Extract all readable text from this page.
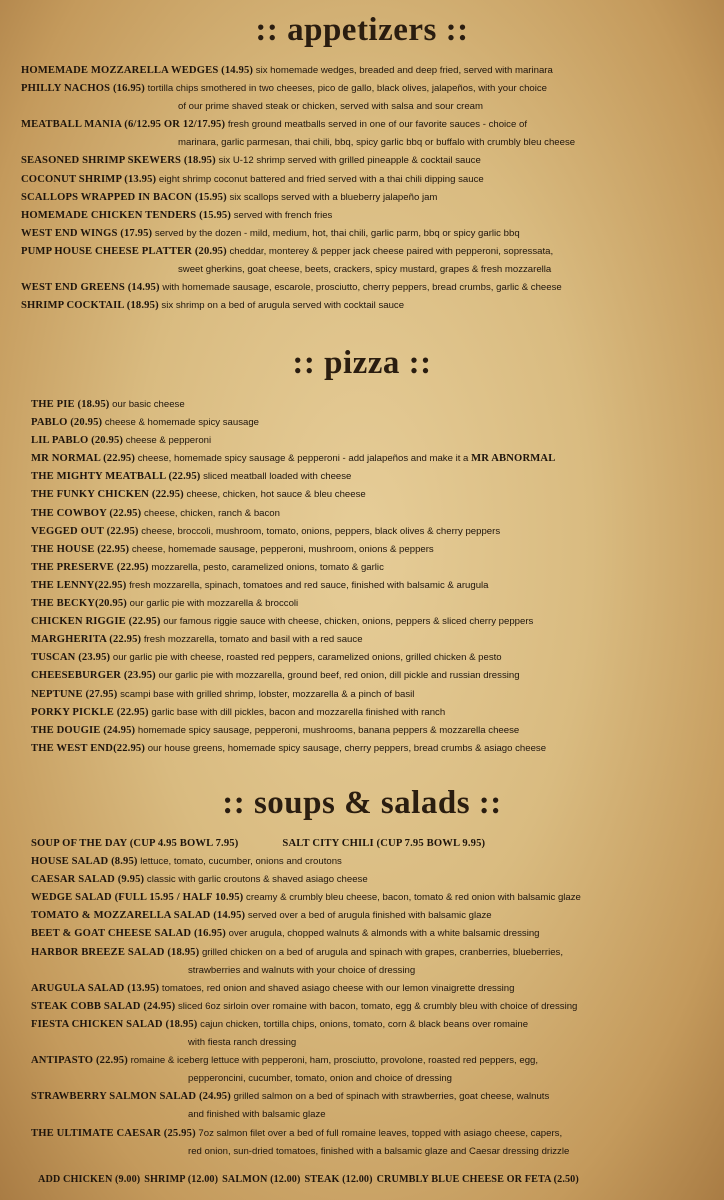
:: appetizers ::
HOMEMADE MOZZARELLA WEDGES (14.95) six homemade wedges, breaded and deep fried, served with marinara
PHILLY NACHOS (16.95) tortilla chips smothered in two cheeses, pico de gallo, black olives, jalapeños, with your choice
of our prime shaved steak or chicken, served with salsa and sour cream
MEATBALL MANIA (6/12.95 OR 12/17.95) fresh ground meatballs served in one of our favorite sauces - choice of
marinara, garlic parmesan, thai chili, bbq, spicy garlic bbq or buffalo with crumbly bleu cheese
SEASONED SHRIMP SKEWERS (18.95) six U-12 shrimp served with grilled pineapple & cocktail sauce
COCONUT SHRIMP (13.95) eight shrimp coconut battered and fried served with a thai chili dipping sauce
SCALLOPS WRAPPED IN BACON (15.95) six scallops served with a blueberry jalapeño jam
HOMEMADE CHICKEN TENDERS (15.95) served with french fries
WEST END WINGS (17.95) served by the dozen - mild, medium, hot, thai chili, garlic parm, bbq or spicy garlic bbq
PUMP HOUSE CHEESE PLATTER (20.95) cheddar, monterey & pepper jack cheese paired with pepperoni, sopressata,
sweet gherkins, goat cheese, beets, crackers, spicy mustard, grapes & fresh mozzarella
WEST END GREENS (14.95) with homemade sausage, escarole, prosciutto, cherry peppers, bread crumbs, garlic & cheese
SHRIMP COCKTAIL (18.95) six shrimp on a bed of arugula served with cocktail sauce
:: pizza ::
THE PIE (18.95) our basic cheese
PABLO (20.95) cheese & homemade spicy sausage
LIL PABLO (20.95) cheese & pepperoni
MR NORMAL (22.95) cheese, homemade spicy sausage & pepperoni - add jalapeños and make it a MR ABNORMAL
THE MIGHTY MEATBALL (22.95) sliced meatball loaded with cheese
THE FUNKY CHICKEN (22.95) cheese, chicken, hot sauce & bleu cheese
THE COWBOY (22.95) cheese, chicken, ranch & bacon
VEGGED OUT (22.95) cheese, broccoli, mushroom, tomato, onions, peppers, black olives & cherry peppers
THE HOUSE (22.95) cheese, homemade sausage, pepperoni, mushroom, onions & peppers
THE PRESERVE (22.95) mozzarella, pesto, caramelized onions, tomato & garlic
THE LENNY(22.95) fresh mozzarella, spinach, tomatoes and red sauce, finished with balsamic & arugula
THE BECKY(20.95) our garlic pie with mozzarella & broccoli
CHICKEN RIGGIE (22.95) our famous riggie sauce with cheese, chicken, onions, peppers & sliced cherry peppers
MARGHERITA (22.95) fresh mozzarella, tomato and basil with a red sauce
TUSCAN (23.95) our garlic pie with cheese, roasted red peppers, caramelized onions, grilled chicken & pesto
CHEESEBURGER (23.95) our garlic pie with mozzarella, ground beef, red onion, dill pickle and russian dressing
NEPTUNE (27.95) scampi base with grilled shrimp, lobster, mozzarella & a pinch of basil
PORKY PICKLE (22.95) garlic base with dill pickles, bacon and mozzarella finished with ranch
THE DOUGIE (24.95) homemade spicy sausage, pepperoni, mushrooms, banana peppers & mozzarella cheese
THE WEST END(22.95) our house greens, homemade spicy sausage, cherry peppers, bread crumbs & asiago cheese
:: soups & salads ::
SOUP OF THE DAY (CUP 4.95 BOWL 7.95)	SALT CITY CHILI (CUP 7.95 BOWL 9.95)
HOUSE SALAD (8.95) lettuce, tomato, cucumber, onions and croutons
CAESAR SALAD (9.95) classic with garlic croutons & shaved asiago cheese
WEDGE SALAD (FULL 15.95 / HALF 10.95) creamy & crumbly bleu cheese, bacon, tomato & red onion with balsamic glaze
TOMATO & MOZZARELLA SALAD (14.95) served over a bed of arugula finished with balsamic glaze
BEET & GOAT CHEESE SALAD (16.95) over arugula, chopped walnuts & almonds with a white balsamic dressing
HARBOR BREEZE SALAD (18.95) grilled chicken on a bed of arugula and spinach with grapes, cranberries, blueberries,
strawberries and walnuts with your choice of dressing
ARUGULA SALAD (13.95) tomatoes, red onion and shaved asiago cheese with our lemon vinaigrette dressing
STEAK COBB SALAD (24.95) sliced 6oz sirloin over romaine with bacon, tomato, egg & crumbly bleu with choice of dressing
FIESTA CHICKEN SALAD (18.95) cajun chicken, tortilla chips, onions, tomato, corn & black beans over romaine
with fiesta ranch dressing
ANTIPASTO (22.95) romaine & iceberg lettuce with pepperoni, ham, prosciutto, provolone, roasted red peppers, egg,
pepperoncini, cucumber, tomato, onion and choice of dressing
STRAWBERRY SALMON SALAD (24.95) grilled salmon on a bed of spinach with strawberries, goat cheese, walnuts
and finished with balsamic glaze
THE ULTIMATE CAESAR (25.95) 7oz salmon filet over a bed of full romaine leaves, topped with asiago cheese, capers,
red onion, sun-dried tomatoes, finished with a balsamic glaze and Caesar dressing drizzle
ADD CHICKEN (9.00) SHRIMP (12.00) SALMON (12.00) STEAK (12.00) CRUMBLY BLUE CHEESE OR FETA (2.50)
